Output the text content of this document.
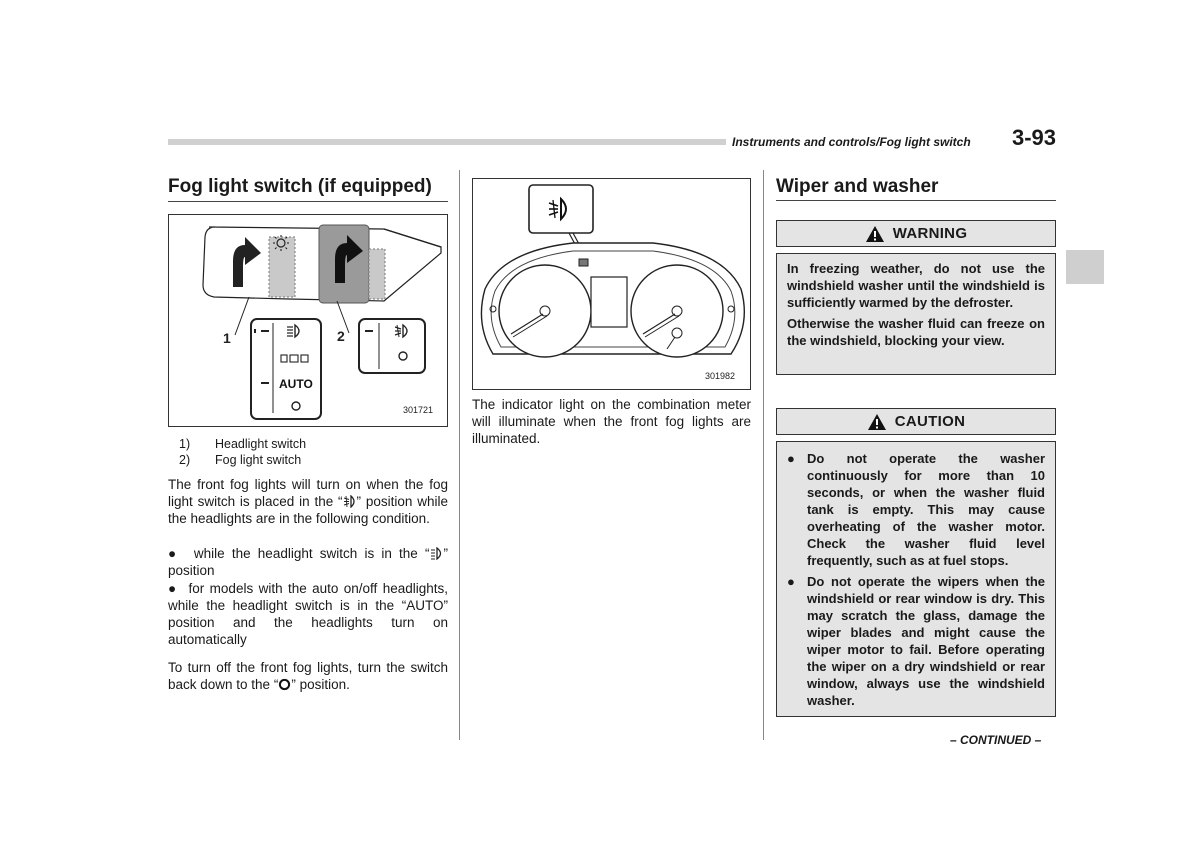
Instruments and controls/Fog light switch 3-93
Fog light switch (if equipped)
1	2
AUTO
301721
1)	Headlight switch
2)	Fog light switch
The front fog lights will turn on when the fog light switch is placed in the “ ” position while the headlights are in the following condition.
●  while the headlight switch is in the “ ” position
●  for models with the auto on/off headlights, while the headlight switch is in the “AUTO” position and the headlights turn on automatically
To turn off the front fog lights, turn the switch back down to the “ ” position.
301982
The indicator light on the combination meter will illuminate when the front fog lights are illuminated.
Wiper and washer
WARNING

In freezing weather, do not use the windshield washer until the windshield is sufficiently warmed by the defroster.

Otherwise the washer fluid can freeze on the windshield, blocking your view.

CAUTION
● Do not operate the washer continuously for more than 10 seconds, or when the washer fluid tank is empty. This may cause overheating of the washer motor. Check the washer fluid level frequently, such as at fuel stops.
● Do not operate the wipers when the windshield or rear window is dry. This may scratch the glass, damage the wiper blades and might cause the wiper motor to fail. Before operating the wiper on a dry windshield or rear window, always use the windshield washer.
– CONTINUED –
